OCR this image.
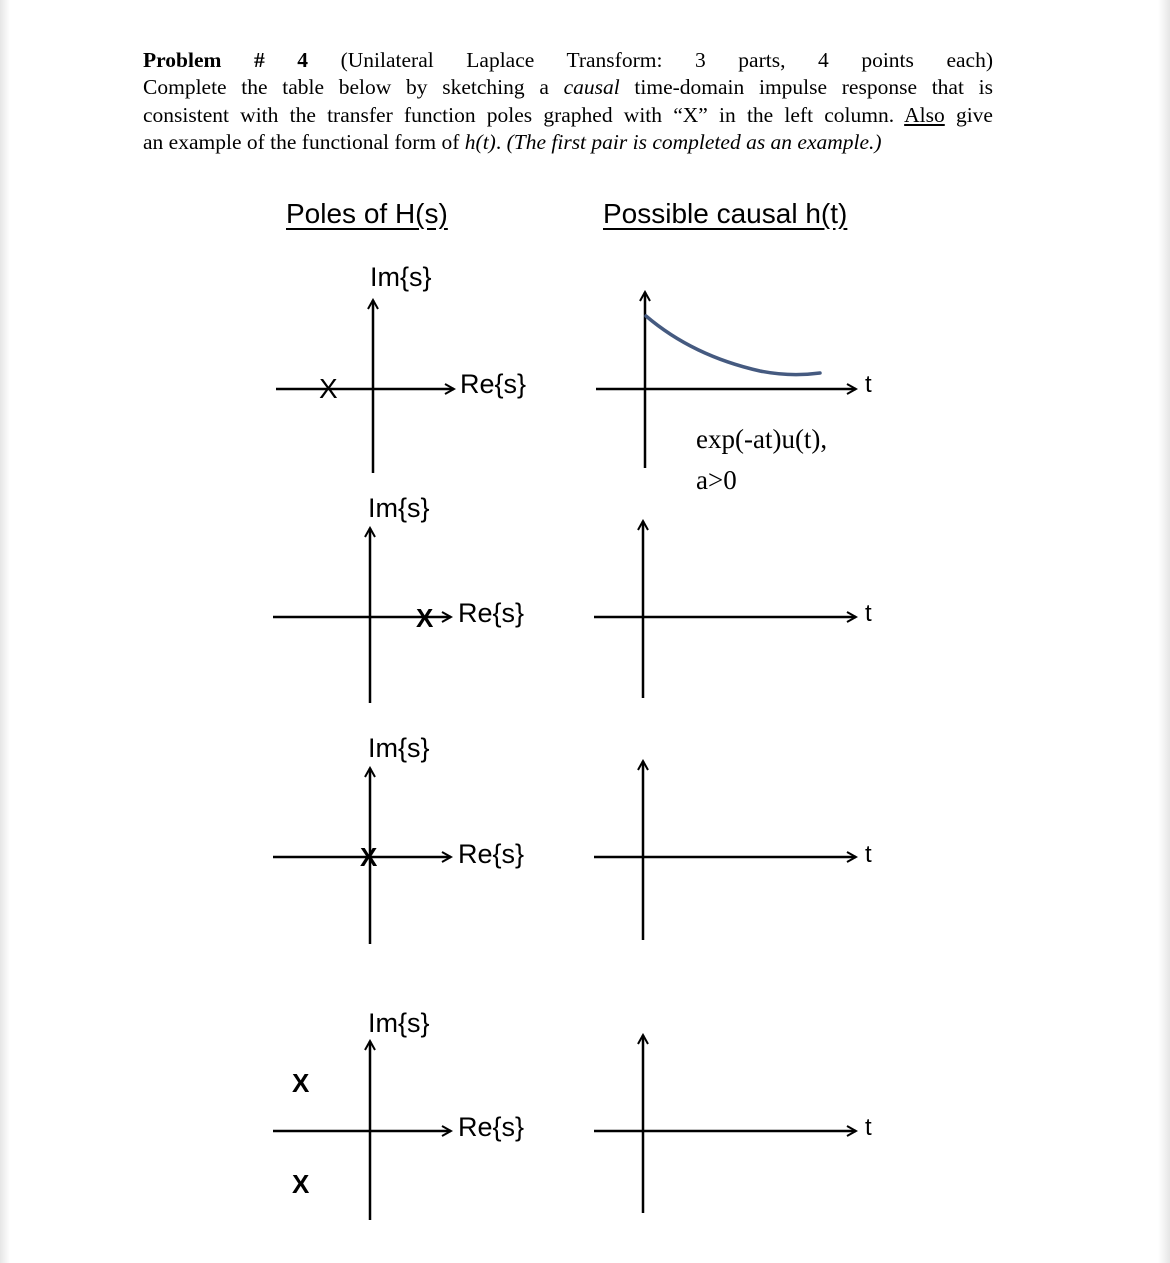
Problem # 4 (Unilateral Laplace Transform: 3 parts, 4 points each)
Complete the table below by sketching a causal time-domain impulse response that is
consistent with the transfer function poles graphed with “X” in the left column. Also give
an example of the functional form of h(t). (The first pair is completed as an example.)
Poles of H(s)	Possible causal h(t)
Im{s}
Re{s}
X	t
exp(-at)u(t),
a>0
Im{s}
Re{s}
X	t
Im{s}
Re{s}
X	t
Im{s}
Re{s}
X
X
t
